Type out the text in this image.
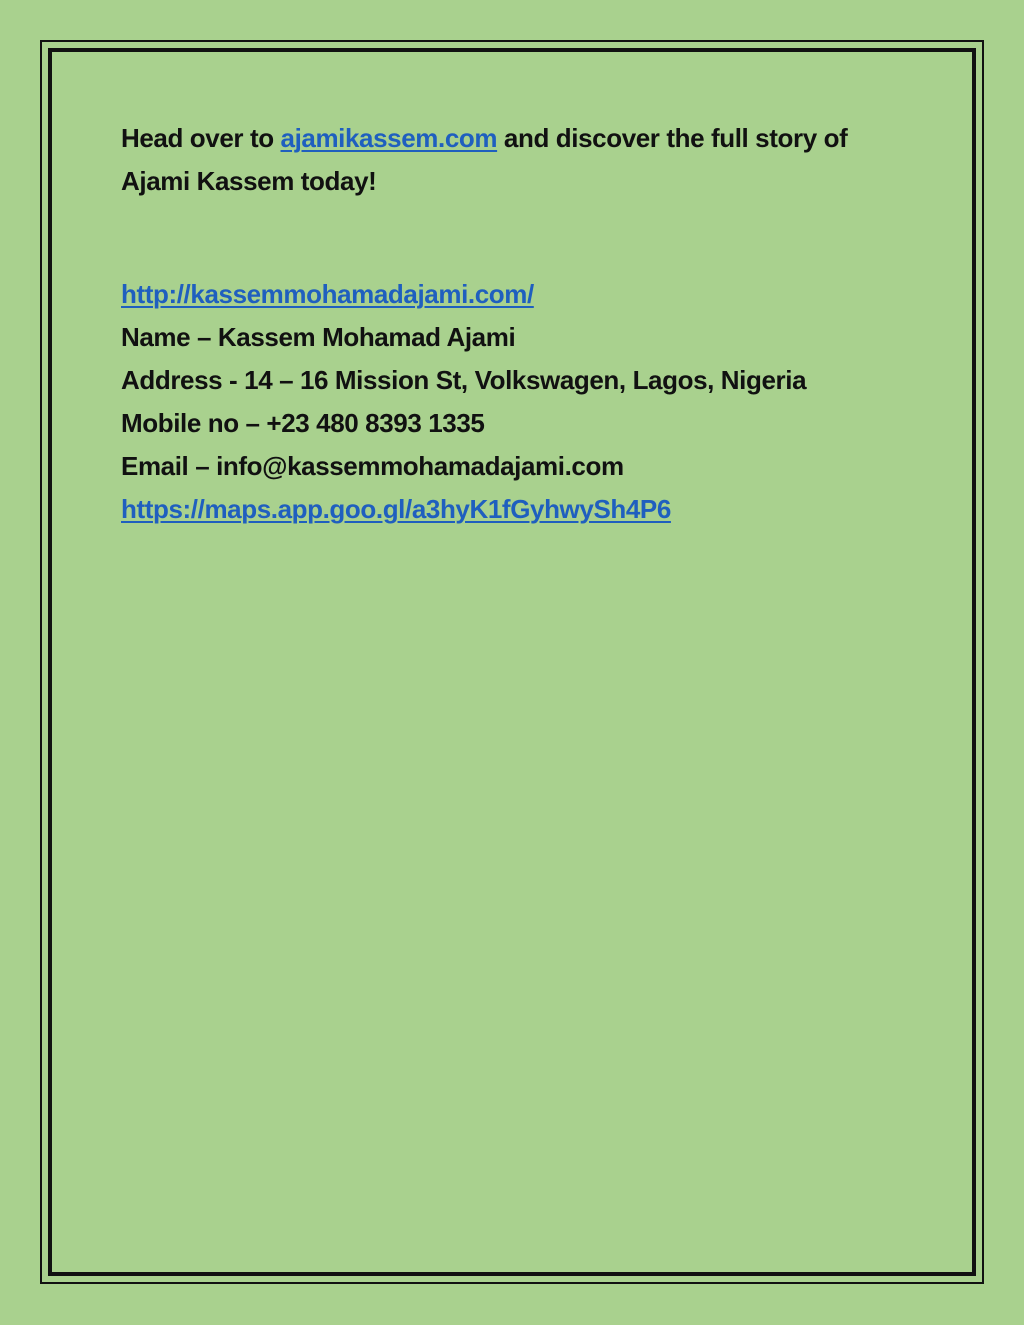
Head over to ajamikassem.com and discover the full story of Ajami Kassem today!

http://kassemmohamadajami.com/
Name – Kassem Mohamad Ajami
Address - 14 – 16 Mission St, Volkswagen, Lagos, Nigeria
Mobile no – +23 480 8393 1335
Email – info@kassemmohamadajami.com
https://maps.app.goo.gl/a3hyK1fGyhwySh4P6
